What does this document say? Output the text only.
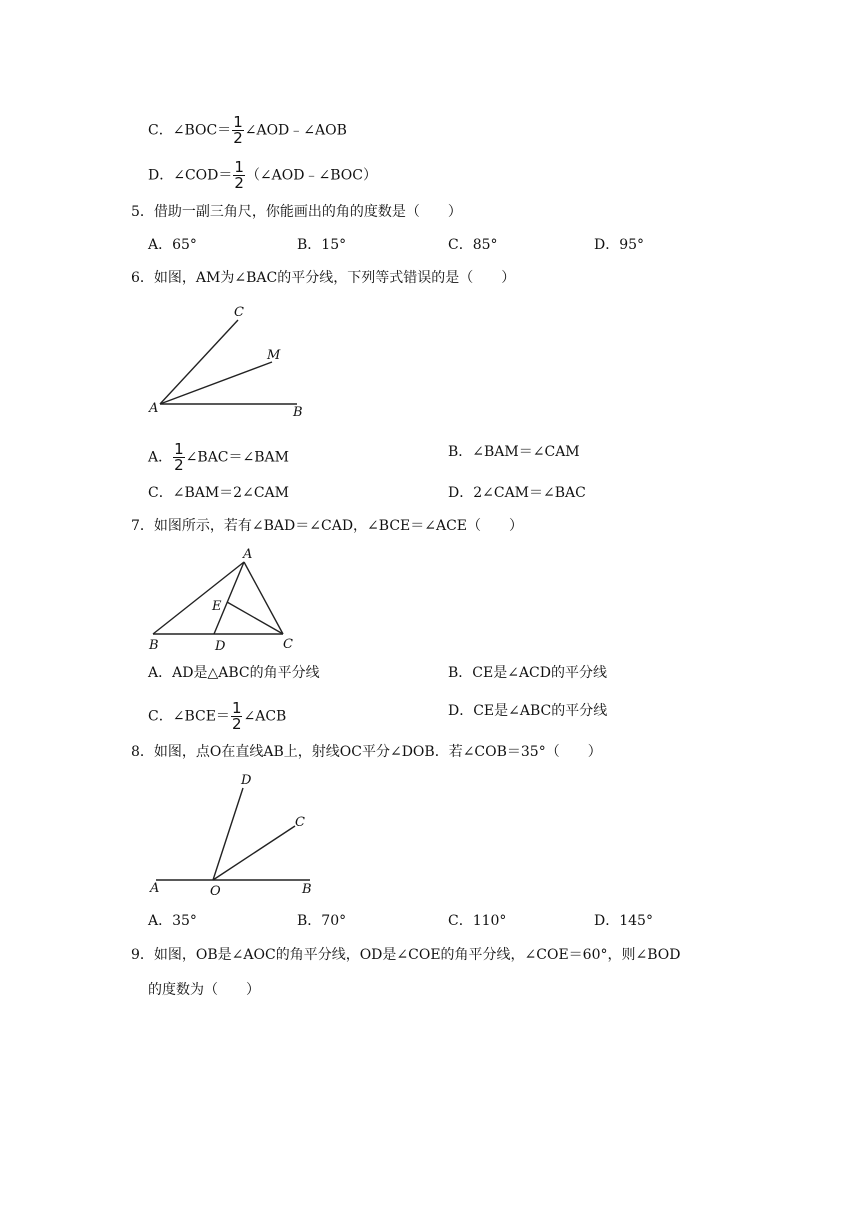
C．∠BOC＝ $\frac{1}{2}$ ∠AOD﹣∠AOB
D．∠COD＝ $\frac{1}{2}$ （∠AOD﹣∠BOC）
5．借助一副三角尺，你能画出的角的度数是（　　）
A．65°	B．15°	C．85°	D．95°
6．如图，AM为∠BAC的平分线，下列等式错误的是（　　）
C
M
A	B
A． $\frac{1}{2}$ ∠BAC＝∠BAM	B．∠BAM＝∠CAM
C．∠BAM＝2∠CAM	D．2∠CAM＝∠BAC
7．如图所示，若有∠BAD＝∠CAD，∠BCE＝∠ACE（　　）
A
E
B	D	C
A．AD是△ABC的角平分线	B．CE是∠ACD的平分线
C．∠BCE＝ $\frac{1}{2}$ ∠ACB	D．CE是∠ABC的平分线
8．如图，点O在直线AB上，射线OC平分∠DOB．若∠COB＝35°（　　）
D
C
A	O	B
A．35°	B．70°	C．110°	D．145°
9．如图，OB是∠AOC的角平分线，OD是∠COE的角平分线，∠COE＝60°，则∠BOD
的度数为（　　）
